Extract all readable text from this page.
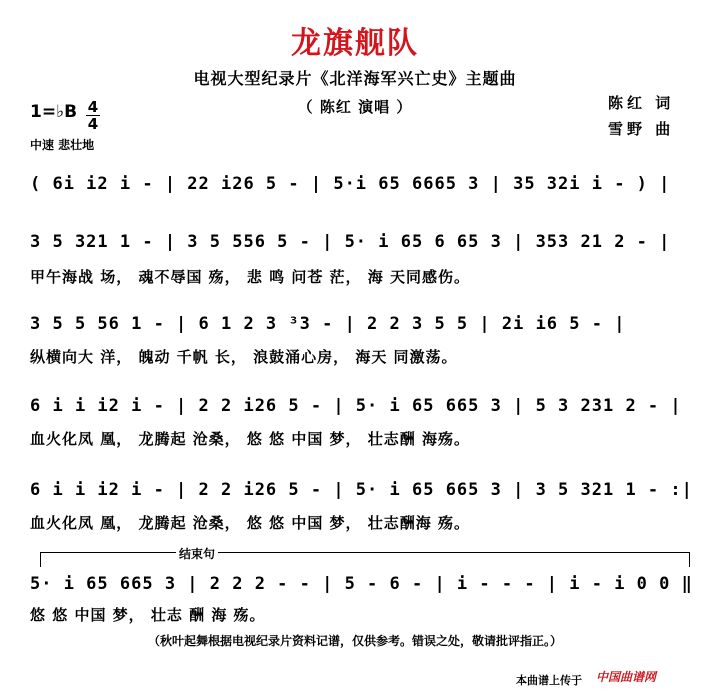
龙旗舰队
电视大型纪录片《北洋海军兴亡史》主题曲
（ 陈红 演唱 ）	陈红 词
雪野 曲
1=♭B 4
4
中速 悲壮地
( 6i i2 i - | 22 i26 5 - | 5·i 65 6665 3 | 35 32i i - ) |
3 5 321 1 - | 3 5 556 5 - | 5· i 65 6 65 3 | 353 21 2 - |
甲午海战 场， 魂不辱国 殇， 悲 鸣 问苍 茫， 海 天同感伤。
3 5 5 56 1 - | 6 1 2 3 ³3 - | 2 2 3 5 5 | 2i i6 5 - |
纵横向大 洋， 魄动 千帆 长， 浪鼓涌心房， 海天 同激荡。
6 i i i2 i - | 2 2 i26 5 - | 5· i 65 665 3 | 5 3 231 2 - |
血火化凤 凰， 龙腾起 沧桑， 悠 悠 中国 梦， 壮志酬 海殇。
6 i i i2 i - | 2 2 i26 5 - | 5· i 65 665 3 | 3 5 321 1 - :|
血火化凤 凰， 龙腾起 沧桑， 悠 悠 中国 梦， 壮志酬海 殇。
结束句
5· i 65 665 3 | 2 2 2 - - | 5 - 6 - | i - - - | i - i 0 0 ‖
悠 悠 中国 梦， 壮志 酬 海 殇。
（秋叶起舞根据电视纪录片资料记谱，仅供参考。错误之处，敬请批评指正。）
本曲谱上传于 中国曲谱网
